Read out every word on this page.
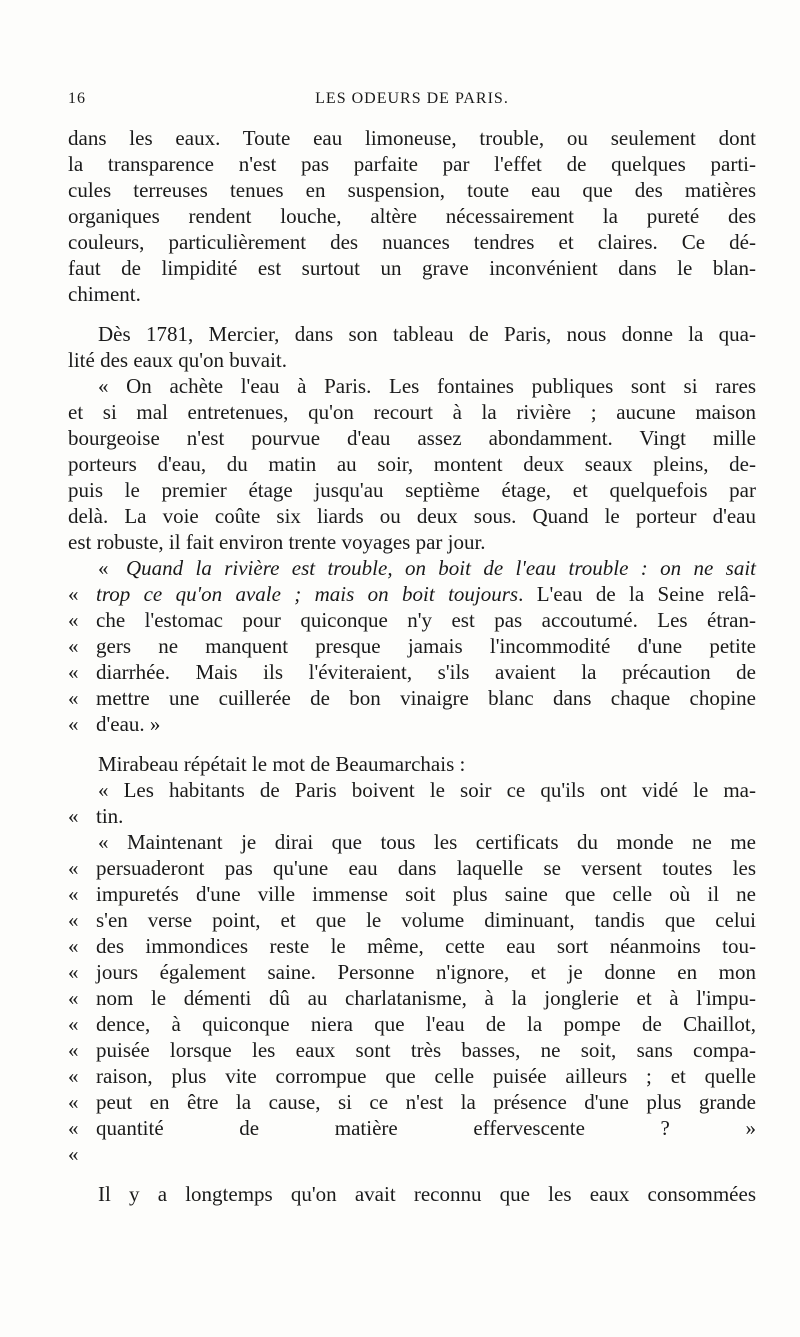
16	LES ODEURS DE PARIS.
dans les eaux. Toute eau limoneuse, trouble, ou seulement dont
la transparence n'est pas parfaite par l'effet de quelques parti-
cules terreuses tenues en suspension, toute eau que des matières
organiques rendent louche, altère nécessairement la pureté des
couleurs, particulièrement des nuances tendres et claires. Ce dé-
faut de limpidité est surtout un grave inconvénient dans le blan-
chiment.
Dès 1781, Mercier, dans son tableau de Paris, nous donne la qua-
lité des eaux qu'on buvait.
« On achète l'eau à Paris. Les fontaines publiques sont si rares
et si mal entretenues, qu'on recourt à la rivière ; aucune maison
bourgeoise n'est pourvue d'eau assez abondamment. Vingt mille
porteurs d'eau, du matin au soir, montent deux seaux pleins, de-
puis le premier étage jusqu'au septième étage, et quelquefois par
delà. La voie coûte six liards ou deux sous. Quand le porteur d'eau
est robuste, il fait environ trente voyages par jour.
« Quand la rivière est trouble, on boit de l'eau trouble : on ne sait
« trop ce qu'on avale ; mais on boit toujours. L'eau de la Seine relâ-
« che l'estomac pour quiconque n'y est pas accoutumé. Les étran-
« gers ne manquent presque jamais l'incommodité d'une petite
« diarrhée. Mais ils l'éviteraient, s'ils avaient la précaution de
« mettre une cuillerée de bon vinaigre blanc dans chaque chopine
« d'eau. »
Mirabeau répétait le mot de Beaumarchais :
« Les habitants de Paris boivent le soir ce qu'ils ont vidé le ma-
« tin.
« Maintenant je dirai que tous les certificats du monde ne me
« persuaderont pas qu'une eau dans laquelle se versent toutes les
« impuretés d'une ville immense soit plus saine que celle où il ne
« s'en verse point, et que le volume diminuant, tandis que celui
« des immondices reste le même, cette eau sort néanmoins tou-
« jours également saine. Personne n'ignore, et je donne en mon
« nom le démenti dû au charlatanisme, à la jonglerie et à l'impu-
« dence, à quiconque niera que l'eau de la pompe de Chaillot,
« puisée lorsque les eaux sont très basses, ne soit, sans compa-
« raison, plus vite corrompue que celle puisée ailleurs ; et quelle
« peut en être la cause, si ce n'est la présence d'une plus grande
« quantité de matière effervescente ? »
«
Il y a longtemps qu'on avait reconnu que les eaux consommées
